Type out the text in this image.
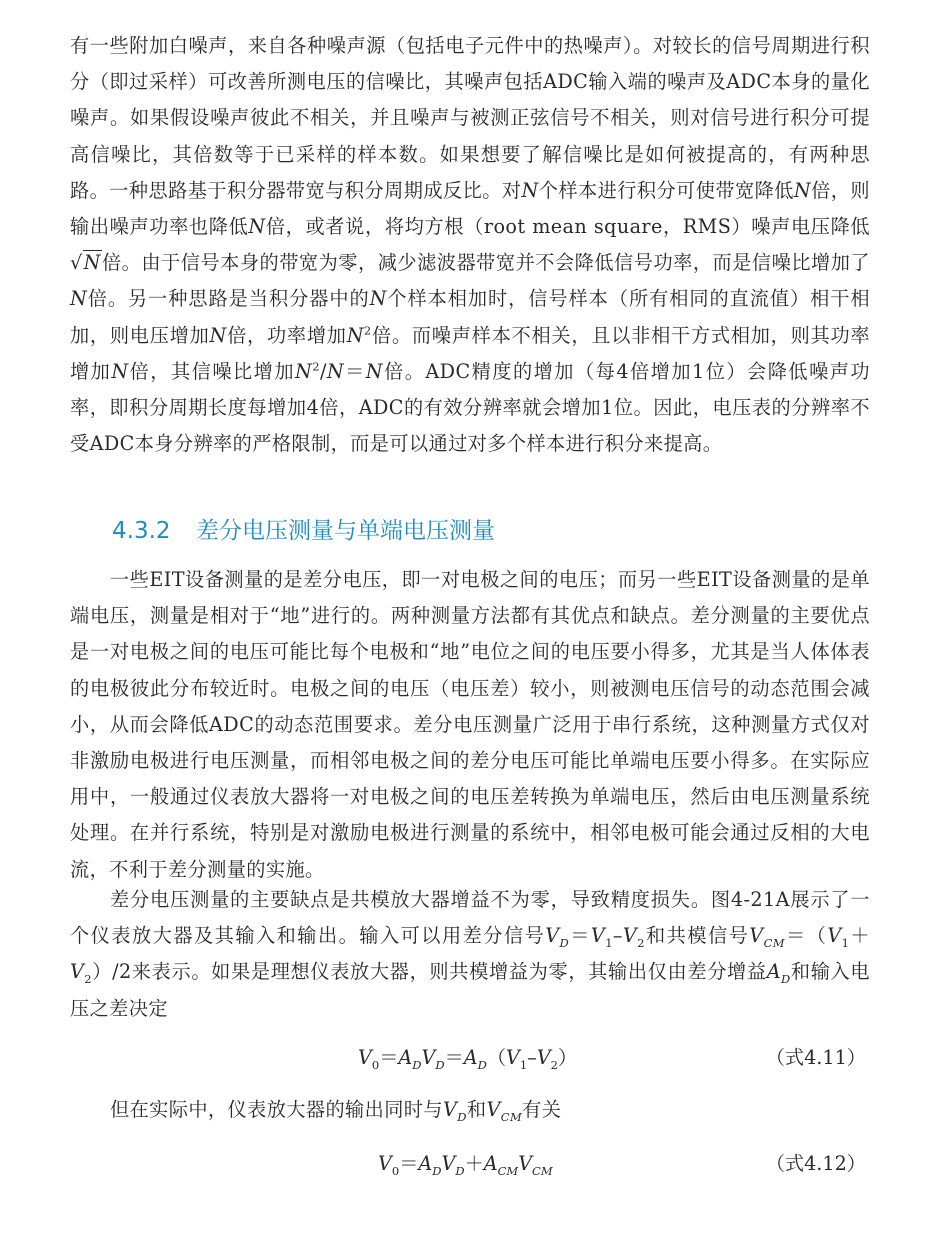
有一些附加白噪声，来自各种噪声源（包括电子元件中的热噪声）。对较长的信号周期进行积分（即过采样）可改善所测电压的信噪比，其噪声包括ADC输入端的噪声及ADC本身的量化噪声。如果假设噪声彼此不相关，并且噪声与被测正弦信号不相关，则对信号进行积分可提高信噪比，其倍数等于已采样的样本数。如果想要了解信噪比是如何被提高的，有两种思路。一种思路基于积分器带宽与积分周期成反比。对N个样本进行积分可使带宽降低N倍，则输出噪声功率也降低N倍，或者说，将均方根（root mean square，RMS）噪声电压降低√N倍。由于信号本身的带宽为零，减少滤波器带宽并不会降低信号功率，而是信噪比增加了N倍。另一种思路是当积分器中的N个样本相加时，信号样本（所有相同的直流值）相干相加，则电压增加N倍，功率增加$N^2$倍。而噪声样本不相关，且以非相干方式相加，则其功率增加N倍，其信噪比增加$N^2/N=N$倍。ADC精度的增加（每4倍增加1位）会降低噪声功率，即积分周期长度每增加4倍，ADC的有效分辨率就会增加1位。因此，电压表的分辨率不受ADC本身分辨率的严格限制，而是可以通过对多个样本进行积分来提高。

4.3.2 差分电压测量与单端电压测量

一些EIT设备测量的是差分电压，即一对电极之间的电压；而另一些EIT设备测量的是单端电压，测量是相对于“地”进行的。两种测量方法都有其优点和缺点。差分测量的主要优点是一对电极之间的电压可能比每个电极和“地”电位之间的电压要小得多，尤其是当人体体表的电极彼此分布较近时。电极之间的电压（电压差）较小，则被测电压信号的动态范围会减小，从而会降低ADC的动态范围要求。差分电压测量广泛用于串行系统，这种测量方式仅对非激励电极进行电压测量，而相邻电极之间的差分电压可能比单端电压要小得多。在实际应用中，一般通过仪表放大器将一对电极之间的电压差转换为单端电压，然后由电压测量系统处理。在并行系统，特别是对激励电极进行测量的系统中，相邻电极可能会通过反相的大电流，不利于差分测量的实施。

差分电压测量的主要缺点是共模放大器增益不为零，导致精度损失。图4-21A展示了一个仪表放大器及其输入和输出。输入可以用差分信号$V_D=V_1-V_2$和共模信号$V_{CM}=(V_1+V_2)/2$来表示。如果是理想仪表放大器，则共模增益为零，其输出仅由差分增益$A_D$和输入电压之差决定

$V_0=A_DV_D=A_D(V_1-V_2)$	（式4.11）

但在实际中，仪表放大器的输出同时与$V_D$和$V_{CM}$有关

$V_0=A_DV_D+A_{CM}V_{CM}$	（式4.12）
